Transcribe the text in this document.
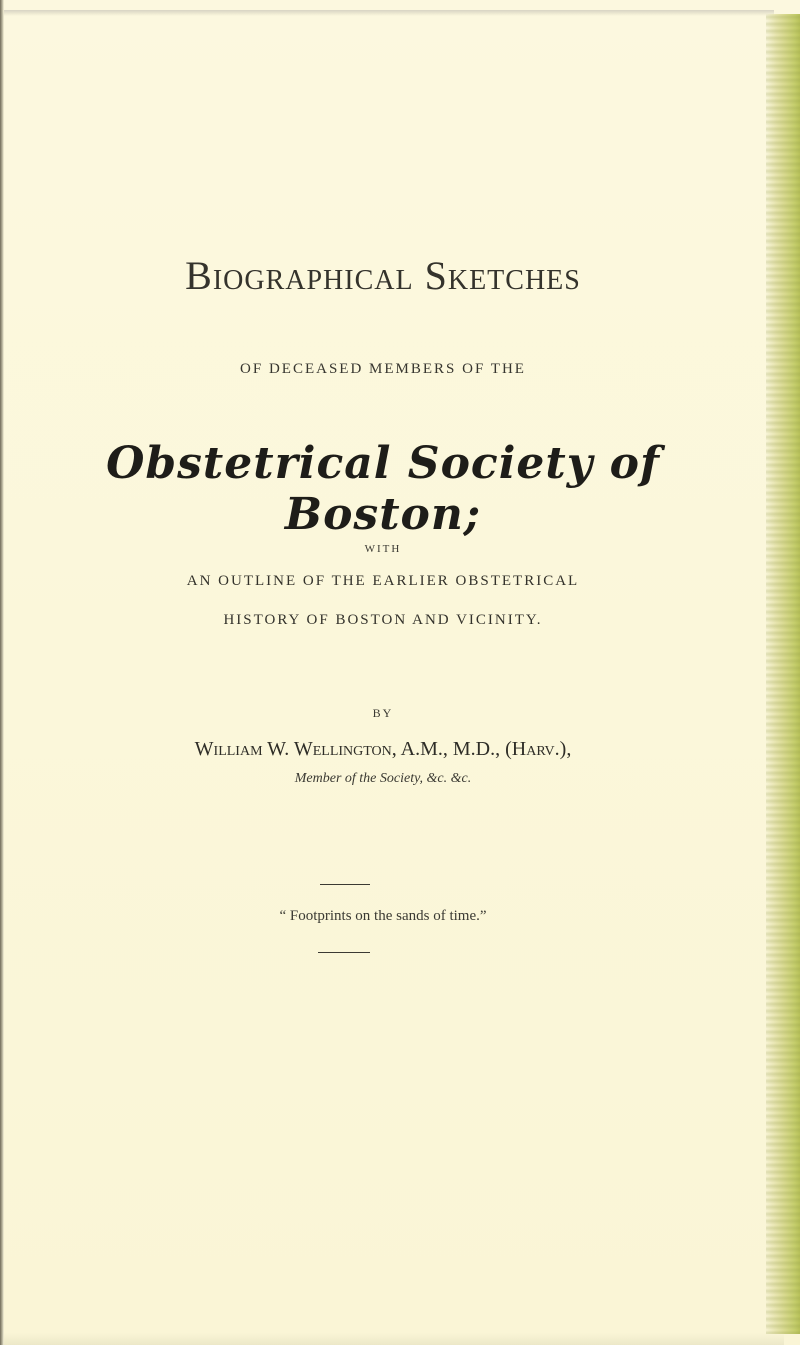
Biographical Sketches
OF DECEASED MEMBERS OF THE
Obstetrical Society of Boston;
WITH
AN OUTLINE OF THE EARLIER OBSTETRICAL
HISTORY OF BOSTON AND VICINITY.
BY
William W. Wellington, A.M., M.D., (Harv.),
Member of the Society, &c. &c.
“ Footprints on the sands of time.”
